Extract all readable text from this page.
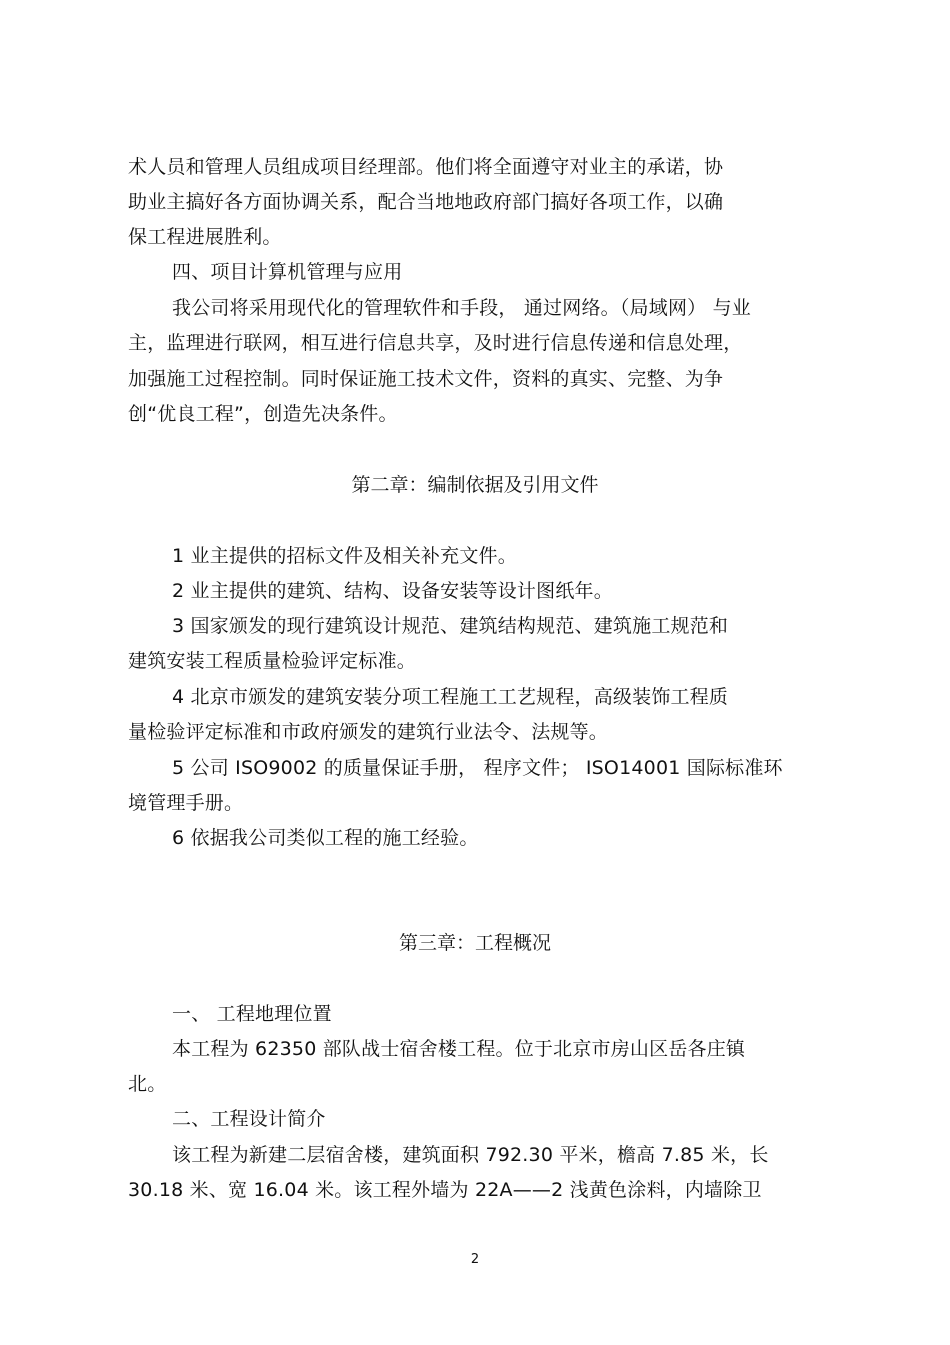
术人员和管理人员组成项目经理部。他们将全面遵守对业主的承诺，协
助业主搞好各方面协调关系，配合当地地政府部门搞好各项工作，以确
保工程进展胜利。
四、项目计算机管理与应用
我公司将采用现代化的管理软件和手段， 通过网络。（局域网） 与业
主，监理进行联网，相互进行信息共享，及时进行信息传递和信息处理，
加强施工过程控制。同时保证施工技术文件，资料的真实、完整、为争
创“优良工程”，创造先决条件。
第二章：编制依据及引用文件
1 业主提供的招标文件及相关补充文件。
2 业主提供的建筑、结构、设备安装等设计图纸年。
3 国家颁发的现行建筑设计规范、建筑结构规范、建筑施工规范和
建筑安装工程质量检验评定标准。
4 北京市颁发的建筑安装分项工程施工工艺规程，高级装饰工程质
量检验评定标准和市政府颁发的建筑行业法令、法规等。
5 公司 ISO9002 的质量保证手册， 程序文件； ISO14001 国际标准环
境管理手册。
6 依据我公司类似工程的施工经验。
第三章：工程概况
一、 工程地理位置
本工程为 62350 部队战士宿舍楼工程。位于北京市房山区岳各庄镇
北。
二、工程设计简介
该工程为新建二层宿舍楼，建筑面积 792.30 平米，檐高 7.85 米，长
30.18 米、宽 16.04 米。该工程外墙为 22A——2 浅黄色涂料，内墙除卫
2
